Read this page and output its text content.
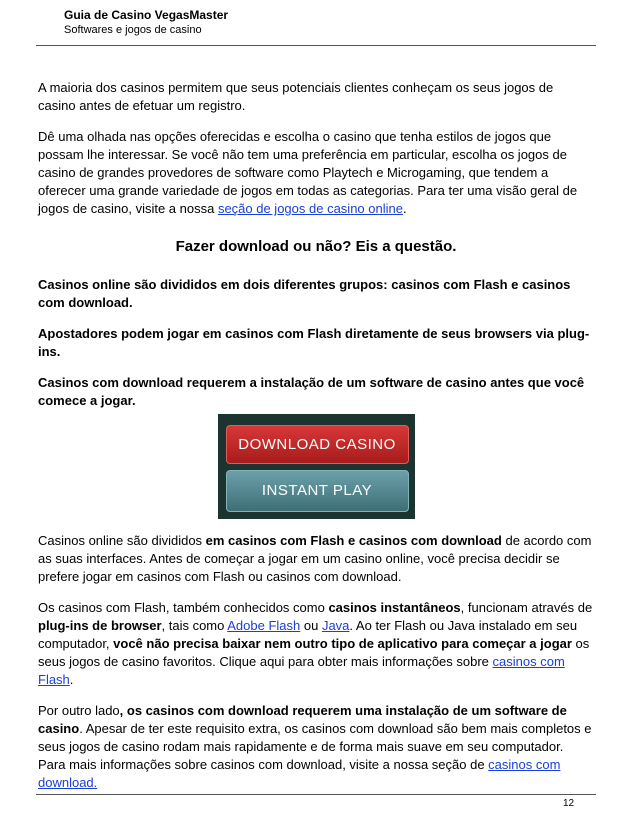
Guia de Casino VegasMaster
Softwares e jogos de casino

A maioria dos casinos permitem que seus potenciais clientes conheçam os seus jogos de casino antes de efetuar um registro.

Dê uma olhada nas opções oferecidas e escolha o casino que tenha estilos de jogos que possam lhe interessar. Se você não tem uma preferência em particular, escolha os jogos de casino de grandes provedores de software como Playtech e Microgaming, que tendem a oferecer uma grande variedade de jogos em todas as categorias. Para ter uma visão geral de jogos de casino, visite a nossa seção de jogos de casino online.

Fazer download ou não? Eis a questão.

Casinos online são divididos em dois diferentes grupos: casinos com Flash e casinos com download.

Apostadores podem jogar em casinos com Flash diretamente de seus browsers via plug-ins.

Casinos com download requerem a instalação de um software de casino antes que você comece a jogar.

DOWNLOAD CASINO
INSTANT PLAY

Casinos online são divididos em casinos com Flash e casinos com download de acordo com as suas interfaces. Antes de começar a jogar em um casino online, você precisa decidir se prefere jogar em casinos com Flash ou casinos com download.

Os casinos com Flash, também conhecidos como casinos instantâneos, funcionam através de plug-ins de browser, tais como Adobe Flash ou Java. Ao ter Flash ou Java instalado em seu computador, você não precisa baixar nem outro tipo de aplicativo para começar a jogar os seus jogos de casino favoritos. Clique aqui para obter mais informações sobre casinos com Flash.

Por outro lado, os casinos com download requerem uma instalação de um software de casino. Apesar de ter este requisito extra, os casinos com download são bem mais completos e seus jogos de casino rodam mais rapidamente e de forma mais suave em seu computador. Para mais informações sobre casinos com download, visite a nossa seção de casinos com download.

12
